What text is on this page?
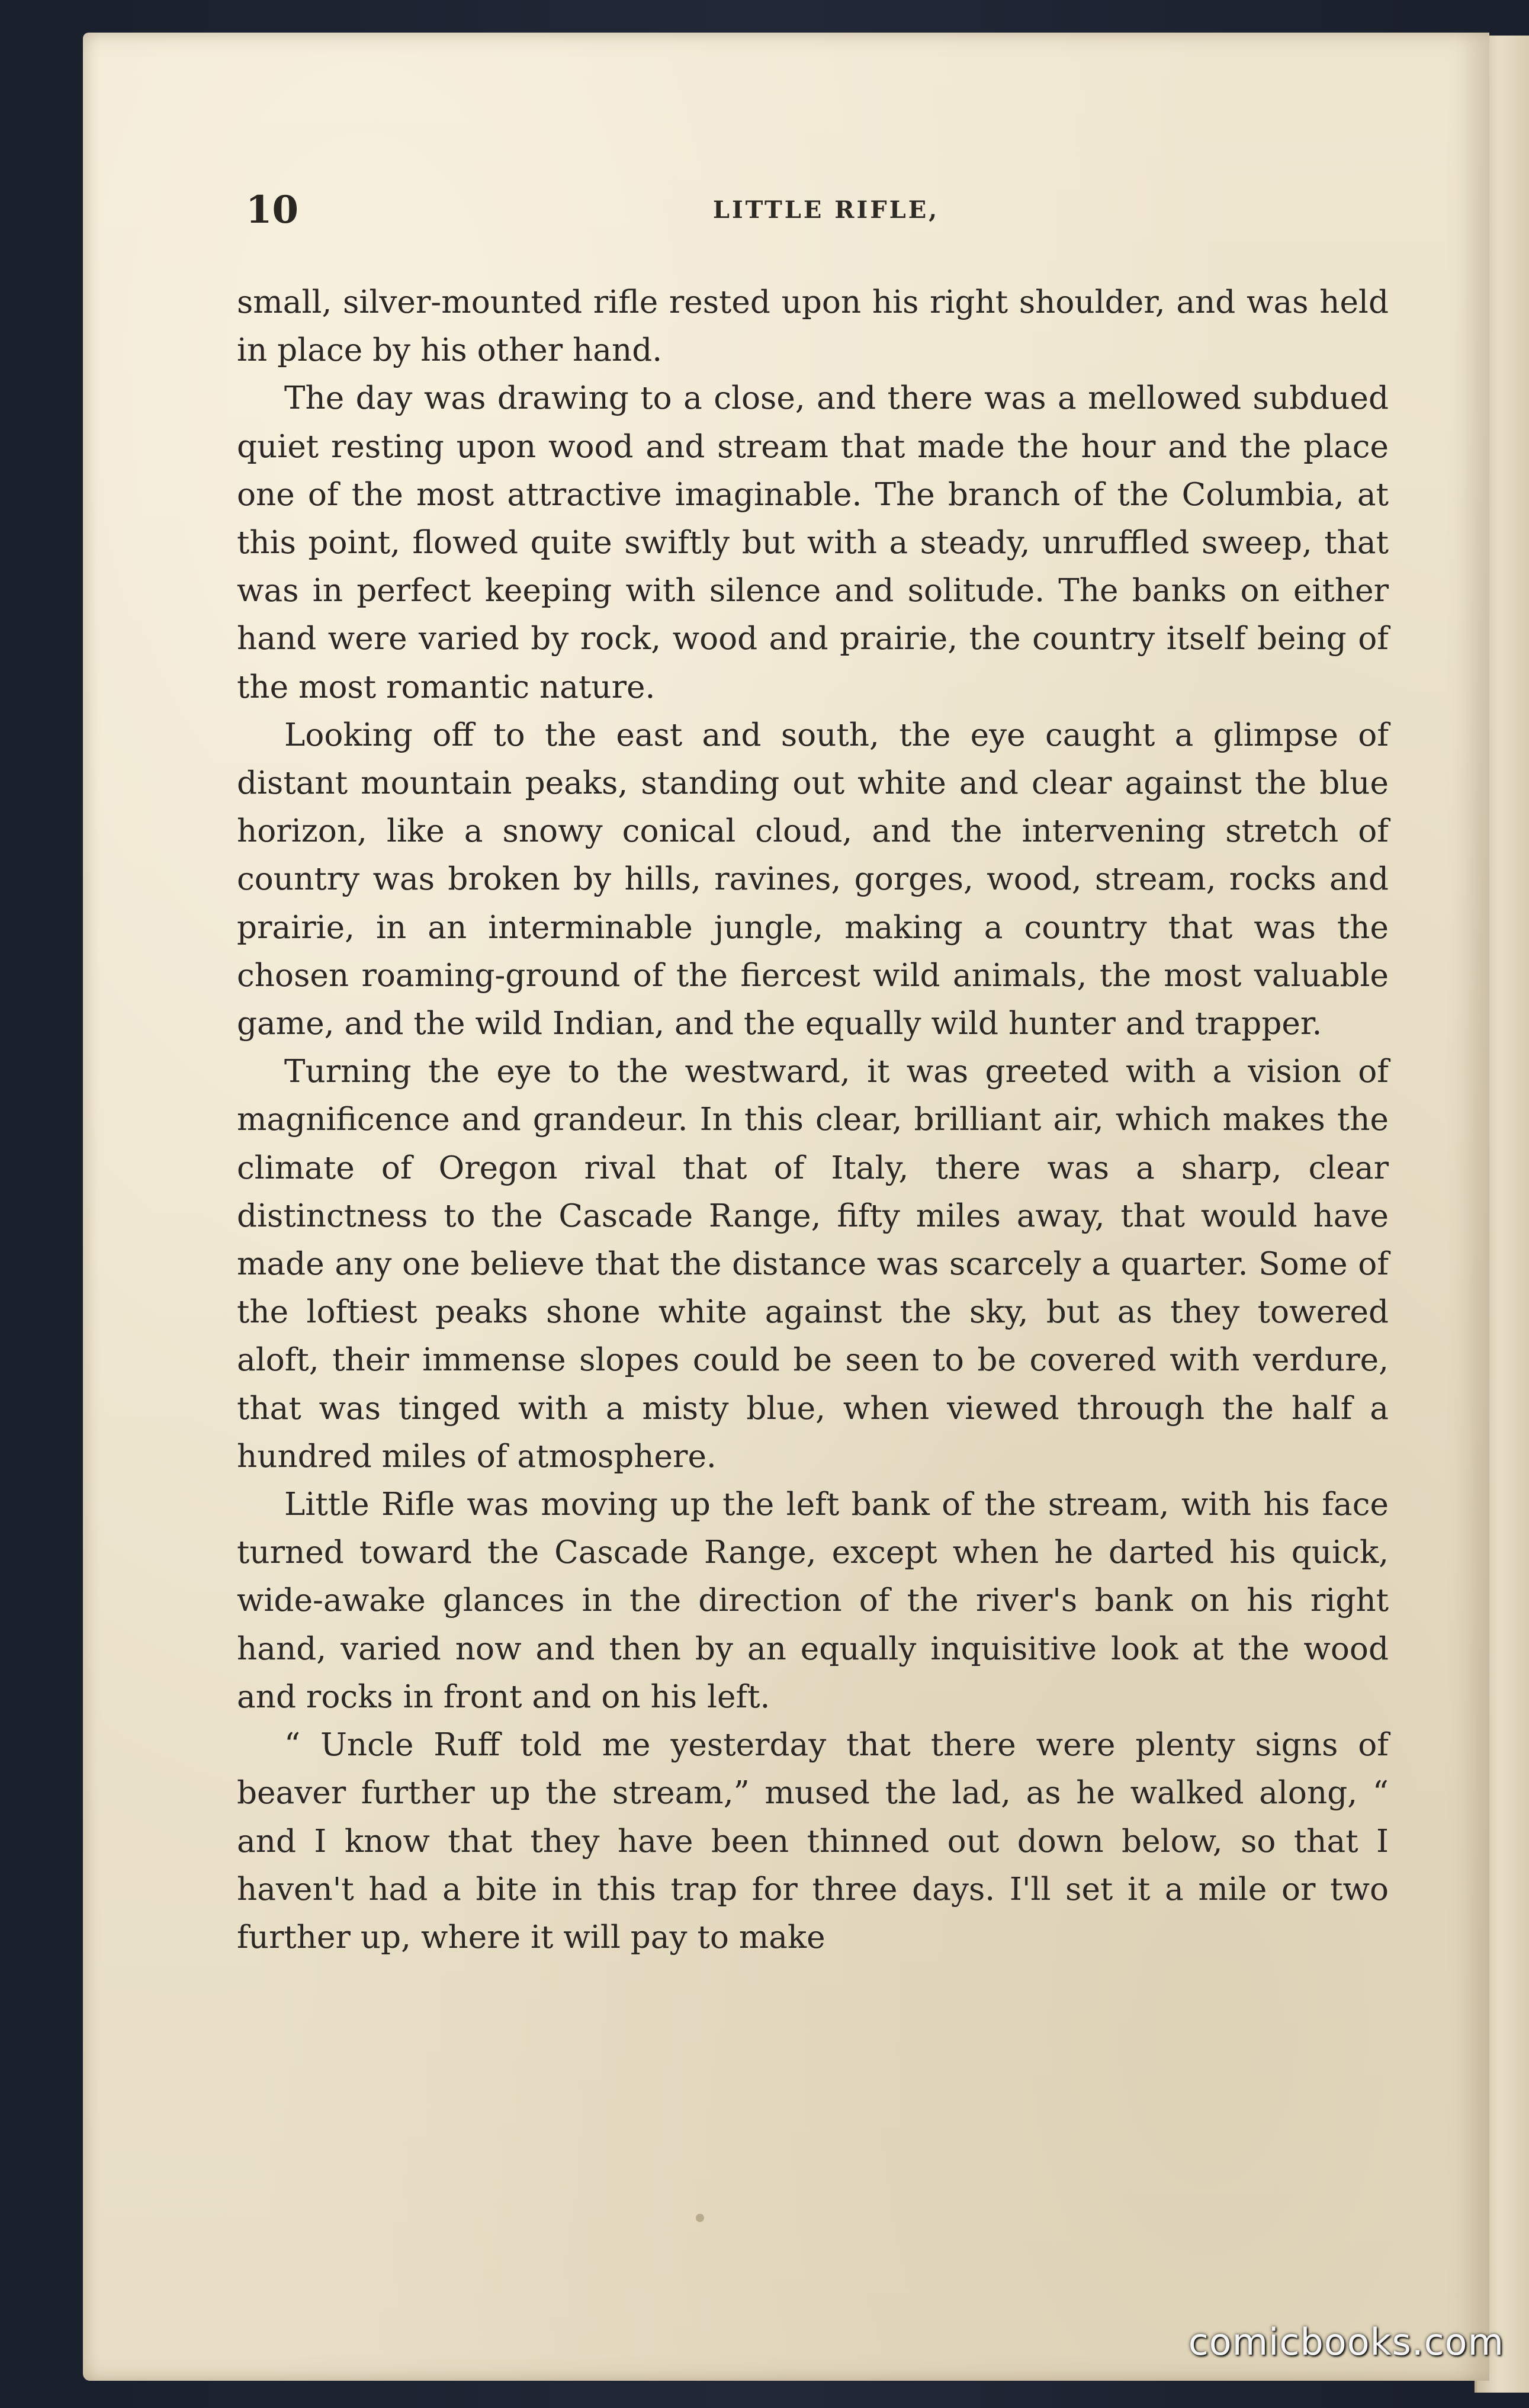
10	LITTLE RIFLE,

small, silver-mounted rifle rested upon his right shoulder, and was held in place by his other hand.

The day was drawing to a close, and there was a mellowed subdued quiet resting upon wood and stream that made the hour and the place one of the most attractive imaginable. The branch of the Columbia, at this point, flowed quite swiftly but with a steady, unruffled sweep, that was in perfect keeping with silence and solitude. The banks on either hand were varied by rock, wood and prairie, the country itself being of the most romantic nature.

Looking off to the east and south, the eye caught a glimpse of distant mountain peaks, standing out white and clear against the blue horizon, like a snowy conical cloud, and the intervening stretch of country was broken by hills, ravines, gorges, wood, stream, rocks and prairie, in an interminable jungle, making a country that was the chosen roaming-ground of the fiercest wild animals, the most valuable game, and the wild Indian, and the equally wild hunter and trapper.

Turning the eye to the westward, it was greeted with a vision of magnificence and grandeur. In this clear, brilliant air, which makes the climate of Oregon rival that of Italy, there was a sharp, clear distinctness to the Cascade Range, fifty miles away, that would have made any one believe that the distance was scarcely a quarter. Some of the loftiest peaks shone white against the sky, but as they towered aloft, their immense slopes could be seen to be covered with verdure, that was tinged with a misty blue, when viewed through the half a hundred miles of atmosphere.

Little Rifle was moving up the left bank of the stream, with his face turned toward the Cascade Range, except when he darted his quick, wide-awake glances in the direction of the river's bank on his right hand, varied now and then by an equally inquisitive look at the wood and rocks in front and on his left.

“ Uncle Ruff told me yesterday that there were plenty signs of beaver further up the stream,” mused the lad, as he walked along, “ and I know that they have been thinned out down below, so that I haven't had a bite in this trap for three days. I'll set it a mile or two further up, where it will pay to make

comicbooks.com
